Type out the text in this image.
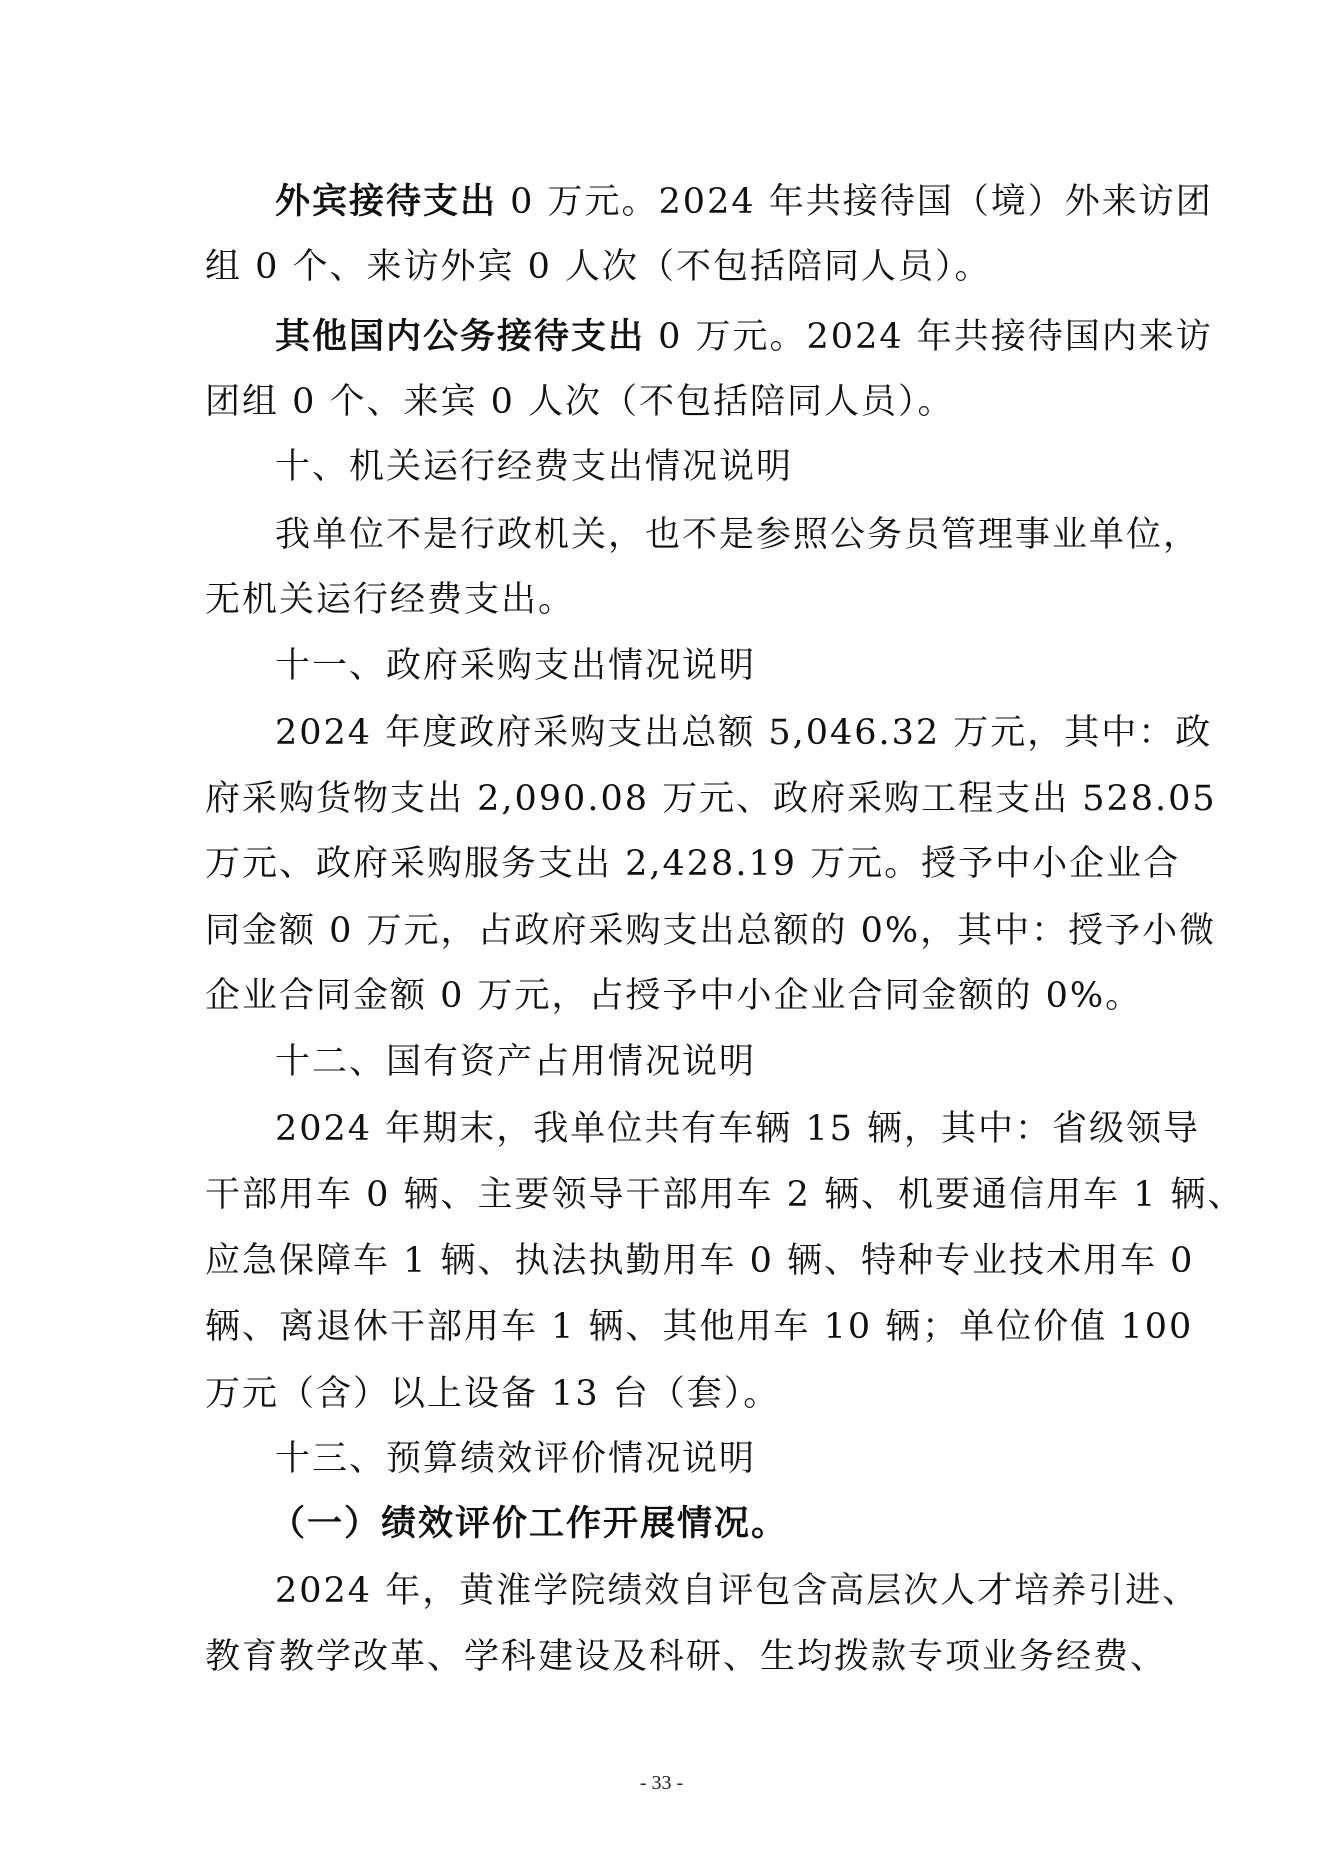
外宾接待支出 0 万元。2024 年共接待国（境）外来访团
组 0 个、来访外宾 0 人次（不包括陪同人员）。
其他国内公务接待支出 0 万元。2024 年共接待国内来访
团组 0 个、来宾 0 人次（不包括陪同人员）。
十、机关运行经费支出情况说明
我单位不是行政机关，也不是参照公务员管理事业单位，
无机关运行经费支出。
十一、政府采购支出情况说明
2024 年度政府采购支出总额 5,046.32 万元，其中：政
府采购货物支出 2,090.08 万元、政府采购工程支出 528.05
万元、政府采购服务支出 2,428.19 万元。授予中小企业合
同金额 0 万元，占政府采购支出总额的 0%，其中：授予小微
企业合同金额 0 万元，占授予中小企业合同金额的 0%。
十二、国有资产占用情况说明
2024 年期末，我单位共有车辆 15 辆，其中：省级领导
干部用车 0 辆、主要领导干部用车 2 辆、机要通信用车 1 辆、
应急保障车 1 辆、执法执勤用车 0 辆、特种专业技术用车 0
辆、离退休干部用车 1 辆、其他用车 10 辆；单位价值 100
万元（含）以上设备 13 台（套）。
十三、预算绩效评价情况说明
（一）绩效评价工作开展情况。
2024 年，黄淮学院绩效自评包含高层次人才培养引进、
教育教学改革、学科建设及科研、生均拨款专项业务经费、
- 33 -
